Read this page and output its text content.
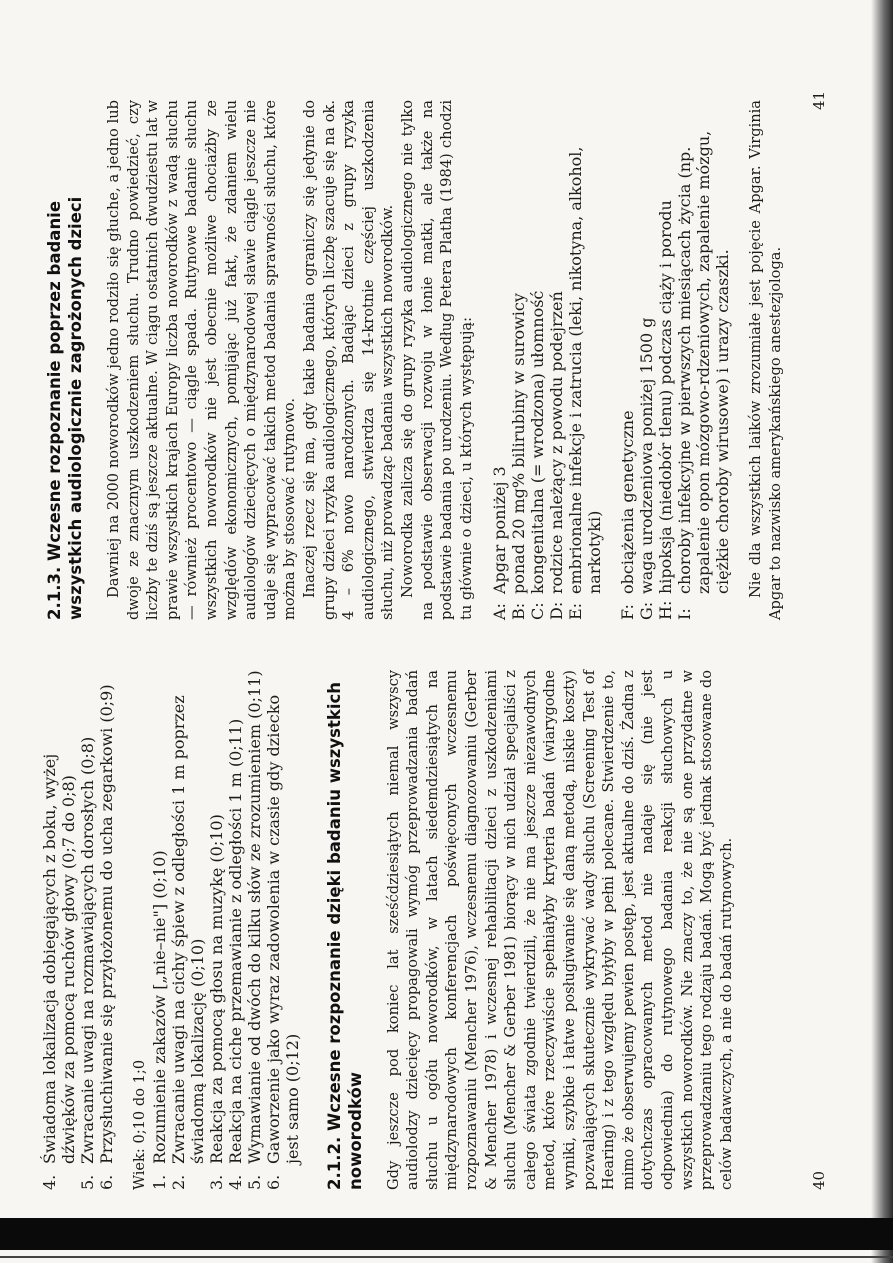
4.
Świadoma lokalizacja dobiegających z boku, wyżej dźwięków za pomocą ruchów głowy (0;7 do 0;8)
5.
Zwracanie uwagi na rozmawiających dorosłych (0;8)
6.
Przysłuchiwanie się przyłożonemu do ucha zegarkowi (0;9) Wiek: 0;10 do 1;0 1.
Rozumienie zakazów [„nie–nie"] (0;10)
2.
Zwracanie uwagi na cichy śpiew z odległości 1 m poprzez świadomą lokalizację (0;10)
3.
Reakcja za pomocą głosu na muzykę (0;10)
4.
Reakcja na ciche przemawianie z odległości 1 m (0;11)
5.
Wymawianie od dwóch do kilku słów ze zrozumieniem (0;11)
6.
Gaworzenie jako wyraz zadowolenia w czasie gdy dziecko jest samo (0;12) 2.1.2. Wczesne rozpoznanie dzięki badaniu wszystkich noworodków Gdy jeszcze pod koniec lat sześćdziesiątych niemal wszyscy audiolodzy dziecięcy propagowali wymóg przeprowadzania badań słuchu u ogółu noworodków, w latach siedemdziesiątych na międzynarodowych konferencjach poświęconych wczesnemu rozpoznawaniu (Mencher 1976), wczesnemu diagnozowaniu (Gerber & Mencher 1978) i wczesnej rehabilitacji dzieci z uszkodzeniami słuchu (Mencher & Gerber 1981) biorący w nich udział specjaliści z całego świata zgodnie twierdzili, że nie ma jeszcze niezawodnych metod, które rzeczywiście spełniałyby kryteria badań (wiarygodne wyniki, szybkie i łatwe posługiwanie się daną metodą, niskie koszty) pozwalających skutecznie wykrywać wady słuchu (Screening Test of Hearing) i z tego względu byłyby w pełni polecane. Stwierdzenie to, mimo że obserwujemy pewien postęp, jest aktualne do dziś. Żadna z dotychczas opracowanych metod nie nadaje się (nie jest odpowiednia) do rutynowego badania reakcji słuchowych u wszystkich noworodków. Nie znaczy to, że nie są one przydatne w przeprowadzaniu tego rodzaju badań. Mogą być jednak stosowane do celów badawczych, a nie do badań rutynowych.

2.1.3. Wczesne rozpoznanie poprzez badanie wszystkich audiologicznie zagrożonych dzieci Dawniej na 2000 noworodków jedno rodziło się głuche, a jedno lub dwoje ze znacznym uszkodzeniem słuchu. Trudno powiedzieć, czy liczby te dziś są jeszcze aktualne. W ciągu ostatnich dwudziestu lat w prawie wszystkich krajach Europy liczba noworodków z wadą słuchu — również procentowo — ciągle spada. Rutynowe badanie słuchu wszystkich noworodków nie jest obecnie możliwe chociażby ze względów ekonomicznych, pomijając już fakt, że zdaniem wielu audiologów dziecięcych o międzynarodowej sławie ciągle jeszcze nie udaje się wypracować takich metod badania sprawności słuchu, które można by stosować rutynowo. Inaczej rzecz się ma, gdy takie badania ograniczy się jedynie do grupy dzieci ryzyka audiologicznego, których liczbę szacuje się na ok. 4 – 6% nowo narodzonych. Badając dzieci z grupy ryzyka audiologicznego, stwierdza się 14-krotnie częściej uszkodzenia słuchu, niż prowadząc badania wszystkich noworodków. Noworodka zalicza się do grupy ryzyka audiologicznego nie tylko na podstawie obserwacji rozwoju w łonie matki, ale także na podstawie badania po urodzeniu. Według Petera Platha (1984) chodzi tu głównie o dzieci, u których występują: A:
Apgar poniżej 3
B:
ponad 20 mg% bilirubiny w surowicy
C:
kongenitalna (= wrodzona) ułomność
D:
rodzice należący z powodu podejrzeń
E:
embrionalne infekcje i zatrucia (leki, nikotyna, alkohol, narkotyki)
F:
obciążenia genetyczne
G:
waga urodzeniowa poniżej 1500 g
H:
hipoksja (niedobór tlenu) podczas ciąży i porodu
I:
choroby infekcyjne w pierwszych miesiącach życia (np. zapalenie opon mózgowo-rdzeniowych, zapalenie mózgu, ciężkie choroby wirusowe) i urazy czaszki. Nie dla wszystkich laików zrozumiałe jest pojęcie Apgar. Virginia Apgar to nazwisko amerykańskiego anestezjologa.

40
41
